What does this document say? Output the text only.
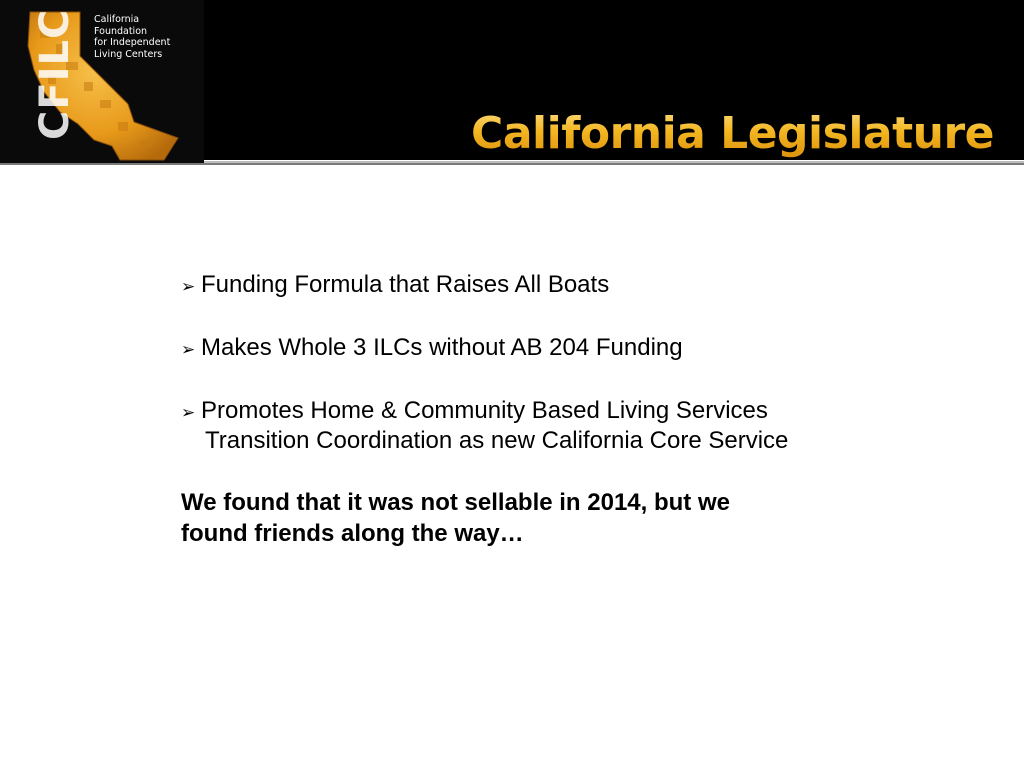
CFILC California
Foundation
for Independent
Living Centers
California Legislature
➢ Funding Formula that Raises All Boats
➢ Makes Whole 3 ILCs without AB 204 Funding
➢ Promotes Home & Community Based Living Services
Transition Coordination as new California Core Service
We found that it was not sellable in 2014, but we
found friends along the way…
